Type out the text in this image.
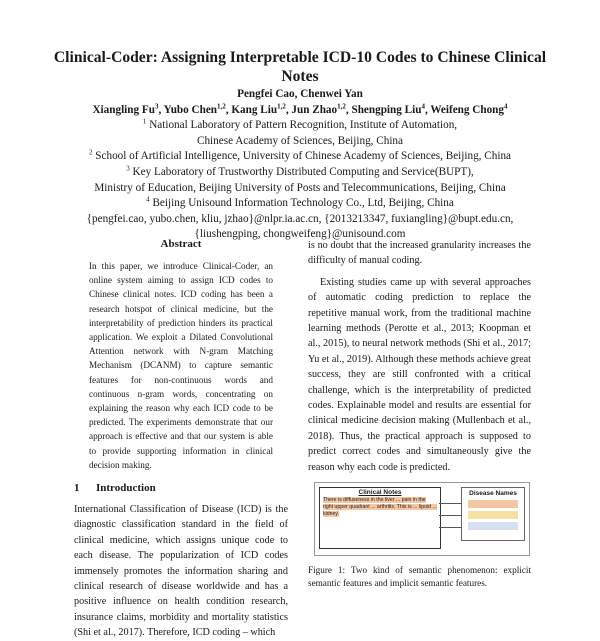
Clinical-Coder: Assigning Interpretable ICD-10 Codes to Chinese Clinical Notes
Pengfei Cao, Chenwei Yan
Xiangling Fu$^3$, Yubo Chen$^{1,2}$, Kang Liu$^{1,2}$, Jun Zhao$^{1,2}$, Shengping Liu$^4$, Weifeng Chong$^4$
$^1$ National Laboratory of Pattern Recognition, Institute of Automation,
Chinese Academy of Sciences, Beijing, China
$^2$ School of Artificial Intelligence, University of Chinese Academy of Sciences, Beijing, China
$^3$ Key Laboratory of Trustworthy Distributed Computing and Service(BUPT),
Ministry of Education, Beijing University of Posts and Telecommunications, Beijing, China
$^4$ Beijing Unisound Information Technology Co., Ltd, Beijing, China
{pengfei.cao, yubo.chen, kliu, jzhao}@nlpr.ia.ac.cn, {2013213347, fuxiangling}@bupt.edu.cn,
{liushengping, chongweifeng}@unisound.com
Abstract

In this paper, we introduce Clinical-Coder, an online system aiming to assign ICD codes to Chinese clinical notes. ICD coding has been a research hotspot of clinical medicine, but the interpretability of prediction hinders its practical application. We exploit a Dilated Convolutional Attention network with N-gram Matching Mechanism (DCANM) to capture semantic features for non-continuous words and continuous n-gram words, concentrating on explaining the reason why each ICD code to be predicted. The experiments demonstrate that our approach is effective and that our system is able to provide supporting information in clinical decision making.

1 Introduction

International Classification of Disease (ICD) is the diagnostic classification standard in the field of clinical medicine, which assigns unique code to each disease. The popularization of ICD codes immensely promotes the information sharing and clinical research of disease worldwide and has a positive influence on health condition research, insurance claims, morbidity and mortality statistics (Shi et al., 2017). Therefore, ICD coding – which

is no doubt that the increased granularity increases the difficulty of manual coding.

Existing studies came up with several approaches of automatic coding prediction to replace the repetitive manual work, from the traditional machine learning methods (Perotte et al., 2013; Koopman et al., 2015), to neural network methods (Shi et al., 2017; Yu et al., 2019). Although these methods achieve great success, they are still confronted with a critical challenge, which is the interpretability of predicted codes. Explainable model and results are essential for clinical medicine decision making (Mullenbach et al., 2018). Thus, the practical approach is supposed to predict correct codes and simultaneously give the reason why each code is predicted.

Clinical Notes
There is diffuseness in the liver ... pain in the right upper quadrant ... arthritis. This is ... lipoid ... kidney.
Disease Names
Figure 1: Two kind of semantic phenomenon: explicit semantic features and implicit semantic features.
